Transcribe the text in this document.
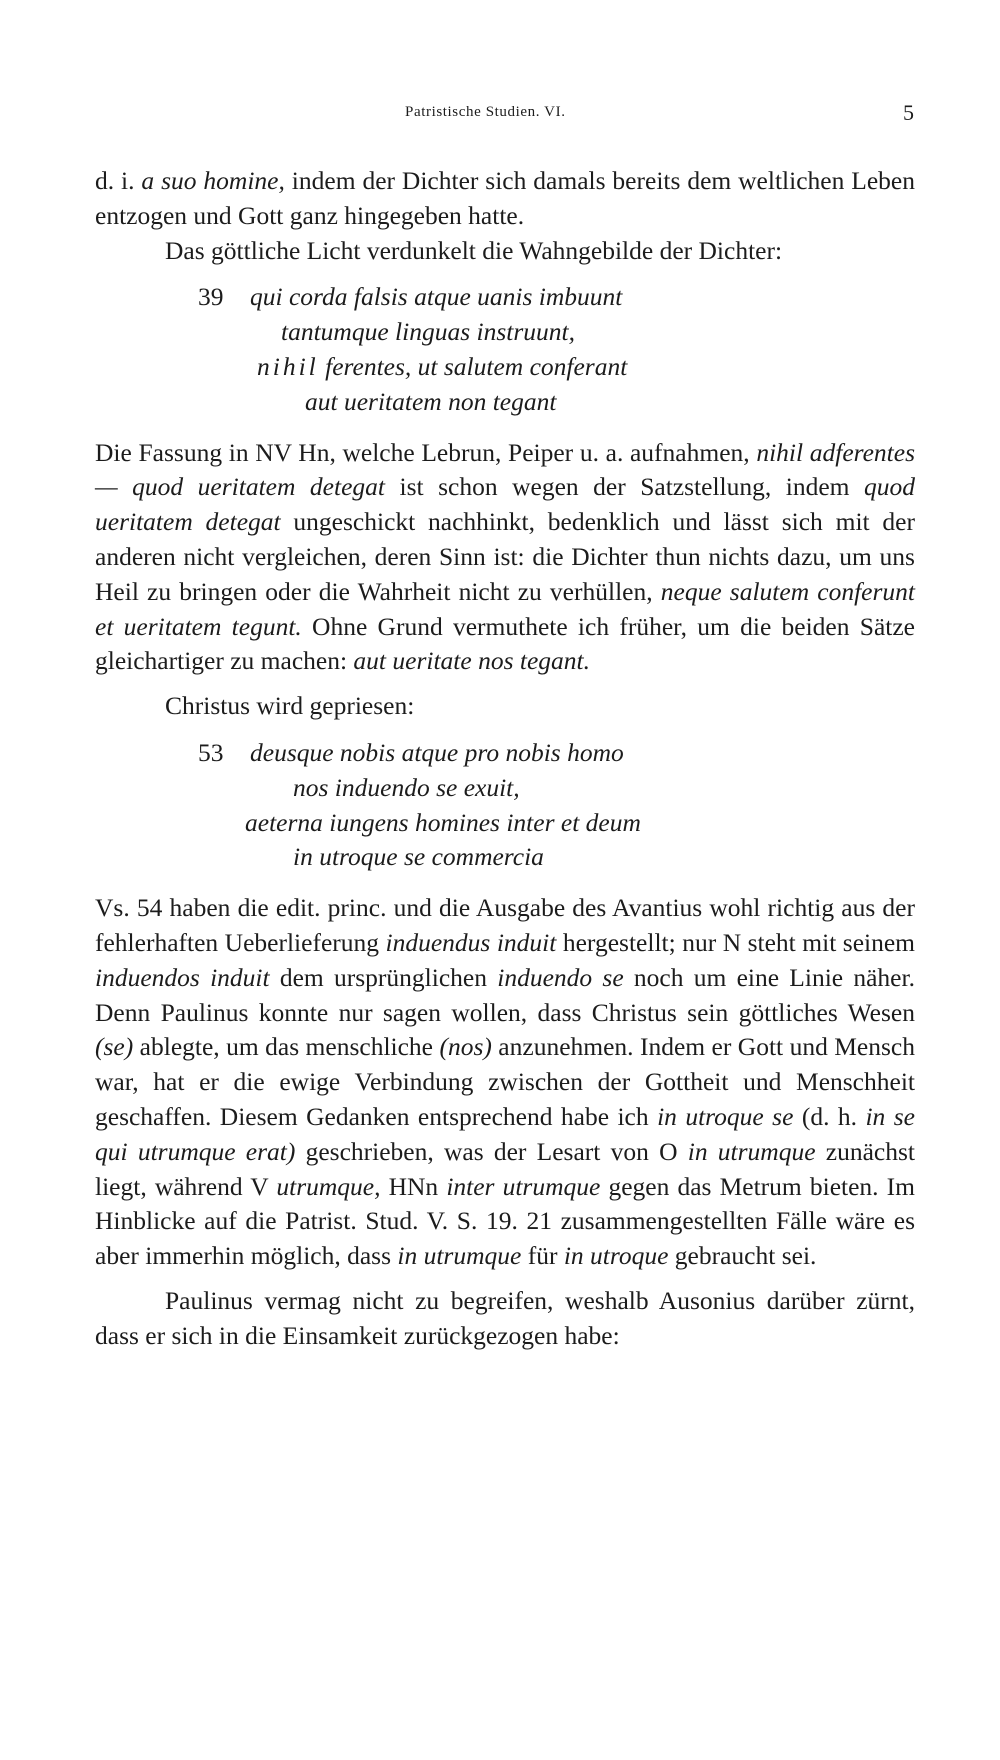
Patristische Studien. VI.	5

d. i. a suo homine, indem der Dichter sich damals bereits dem weltlichen Leben entzogen und Gott ganz hingegeben hatte.

Das göttliche Licht verdunkelt die Wahngebilde der Dichter:

39 qui corda falsis atque uanis imbuunt
tantumque linguas instruunt,
nihil ferentes, ut salutem conferant
aut ueritatem non tegant

Die Fassung in NV Hn, welche Lebrun, Peiper u. a. aufnahmen, nihil adferentes — quod ueritatem detegat ist schon wegen der Satzstellung, indem quod ueritatem detegat ungeschickt nachhinkt, bedenklich und lässt sich mit der anderen nicht vergleichen, deren Sinn ist: die Dichter thun nichts dazu, um uns Heil zu bringen oder die Wahrheit nicht zu verhüllen, neque salutem conferunt et ueritatem tegunt. Ohne Grund vermuthete ich früher, um die beiden Sätze gleichartiger zu machen: aut ueritate nos tegant.

Christus wird gepriesen:

53 deusque nobis atque pro nobis homo
nos induendo se exuit,
aeterna iungens homines inter et deum
in utroque se commercia

Vs. 54 haben die edit. princ. und die Ausgabe des Avantius wohl richtig aus der fehlerhaften Ueberlieferung induendus induit hergestellt; nur N steht mit seinem induendos induit dem ursprünglichen induendo se noch um eine Linie näher. Denn Paulinus konnte nur sagen wollen, dass Christus sein göttliches Wesen (se) ablegte, um das menschliche (nos) anzunehmen. Indem er Gott und Mensch war, hat er die ewige Verbindung zwischen der Gottheit und Menschheit geschaffen. Diesem Gedanken entsprechend habe ich in utroque se (d. h. in se qui utrumque erat) geschrieben, was der Lesart von O in utrumque zunächst liegt, während V utrumque, HNn inter utrumque gegen das Metrum bieten. Im Hinblicke auf die Patrist. Stud. V. S. 19. 21 zusammengestellten Fälle wäre es aber immerhin möglich, dass in utrumque für in utroque gebraucht sei.

Paulinus vermag nicht zu begreifen, weshalb Ausonius darüber zürnt, dass er sich in die Einsamkeit zurückgezogen habe:
